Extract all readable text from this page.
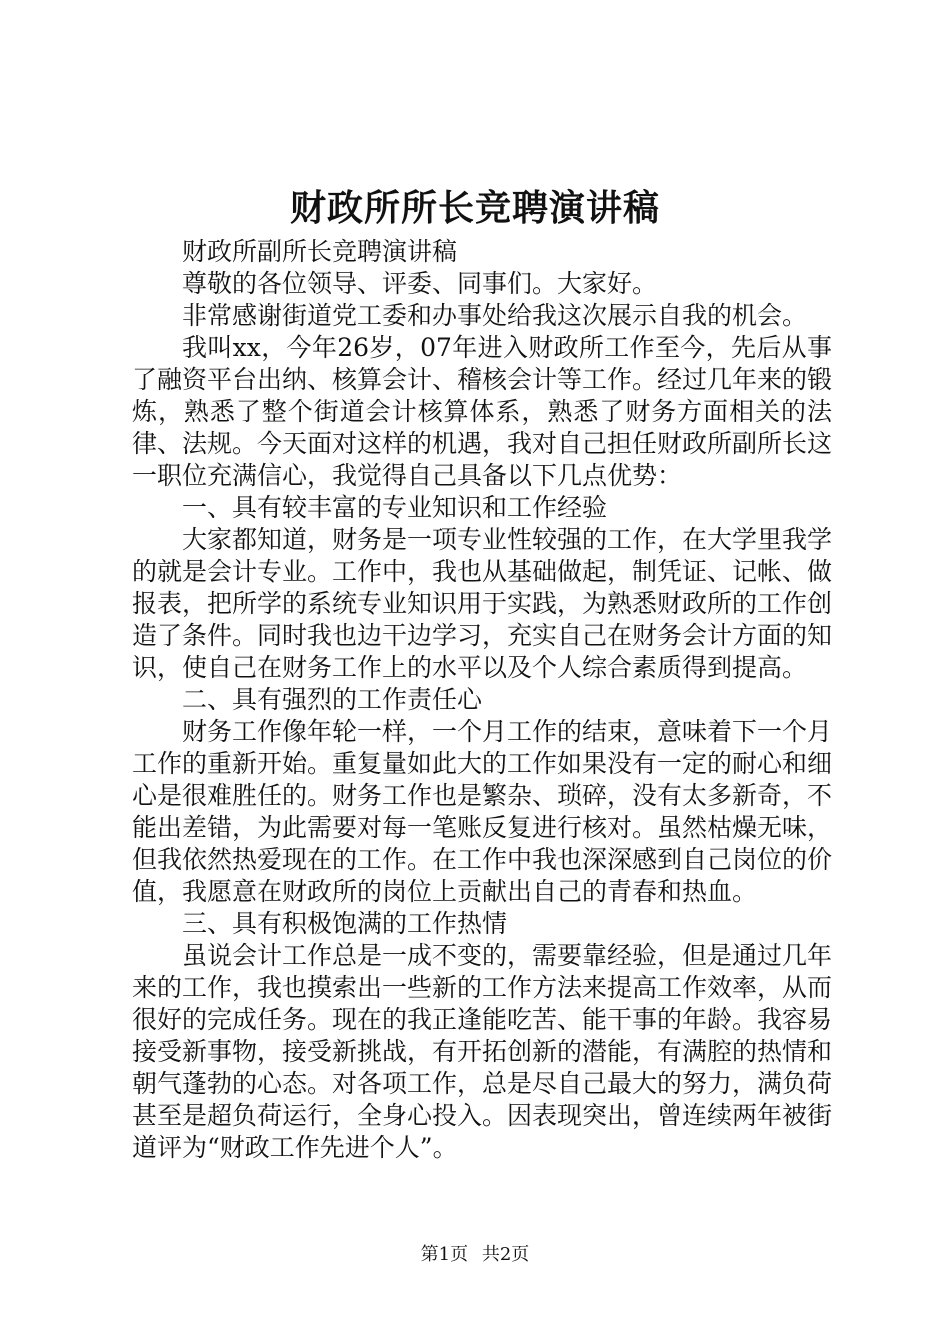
财政所所长竞聘演讲稿

财政所副所长竞聘演讲稿

尊敬的各位领导、评委、同事们。大家好。

非常感谢街道党工委和办事处给我这次展示自我的机会。

我叫xx，今年26岁，07年进入财政所工作至今，先后从事了融资平台出纳、核算会计、稽核会计等工作。经过几年来的锻炼，熟悉了整个街道会计核算体系，熟悉了财务方面相关的法律、法规。今天面对这样的机遇，我对自己担任财政所副所长这一职位充满信心，我觉得自己具备以下几点优势：

一、具有较丰富的专业知识和工作经验

大家都知道，财务是一项专业性较强的工作，在大学里我学的就是会计专业。工作中，我也从基础做起，制凭证、记帐、做报表，把所学的系统专业知识用于实践，为熟悉财政所的工作创造了条件。同时我也边干边学习，充实自己在财务会计方面的知识，使自己在财务工作上的水平以及个人综合素质得到提高。

二、具有强烈的工作责任心

财务工作像年轮一样，一个月工作的结束，意味着下一个月工作的重新开始。重复量如此大的工作如果没有一定的耐心和细心是很难胜任的。财务工作也是繁杂、琐碎，没有太多新奇，不能出差错，为此需要对每一笔账反复进行核对。虽然枯燥无味，但我依然热爱现在的工作。在工作中我也深深感到自己岗位的价值，我愿意在财政所的岗位上贡献出自己的青春和热血。

三、具有积极饱满的工作热情

虽说会计工作总是一成不变的，需要靠经验，但是通过几年来的工作，我也摸索出一些新的工作方法来提高工作效率，从而很好的完成任务。现在的我正逢能吃苦、能干事的年龄。我容易接受新事物，接受新挑战，有开拓创新的潜能，有满腔的热情和朝气蓬勃的心态。对各项工作，总是尽自己最大的努力，满负荷甚至是超负荷运行，全身心投入。因表现突出，曾连续两年被街道评为“财政工作先进个人”。

第1页 共2页
